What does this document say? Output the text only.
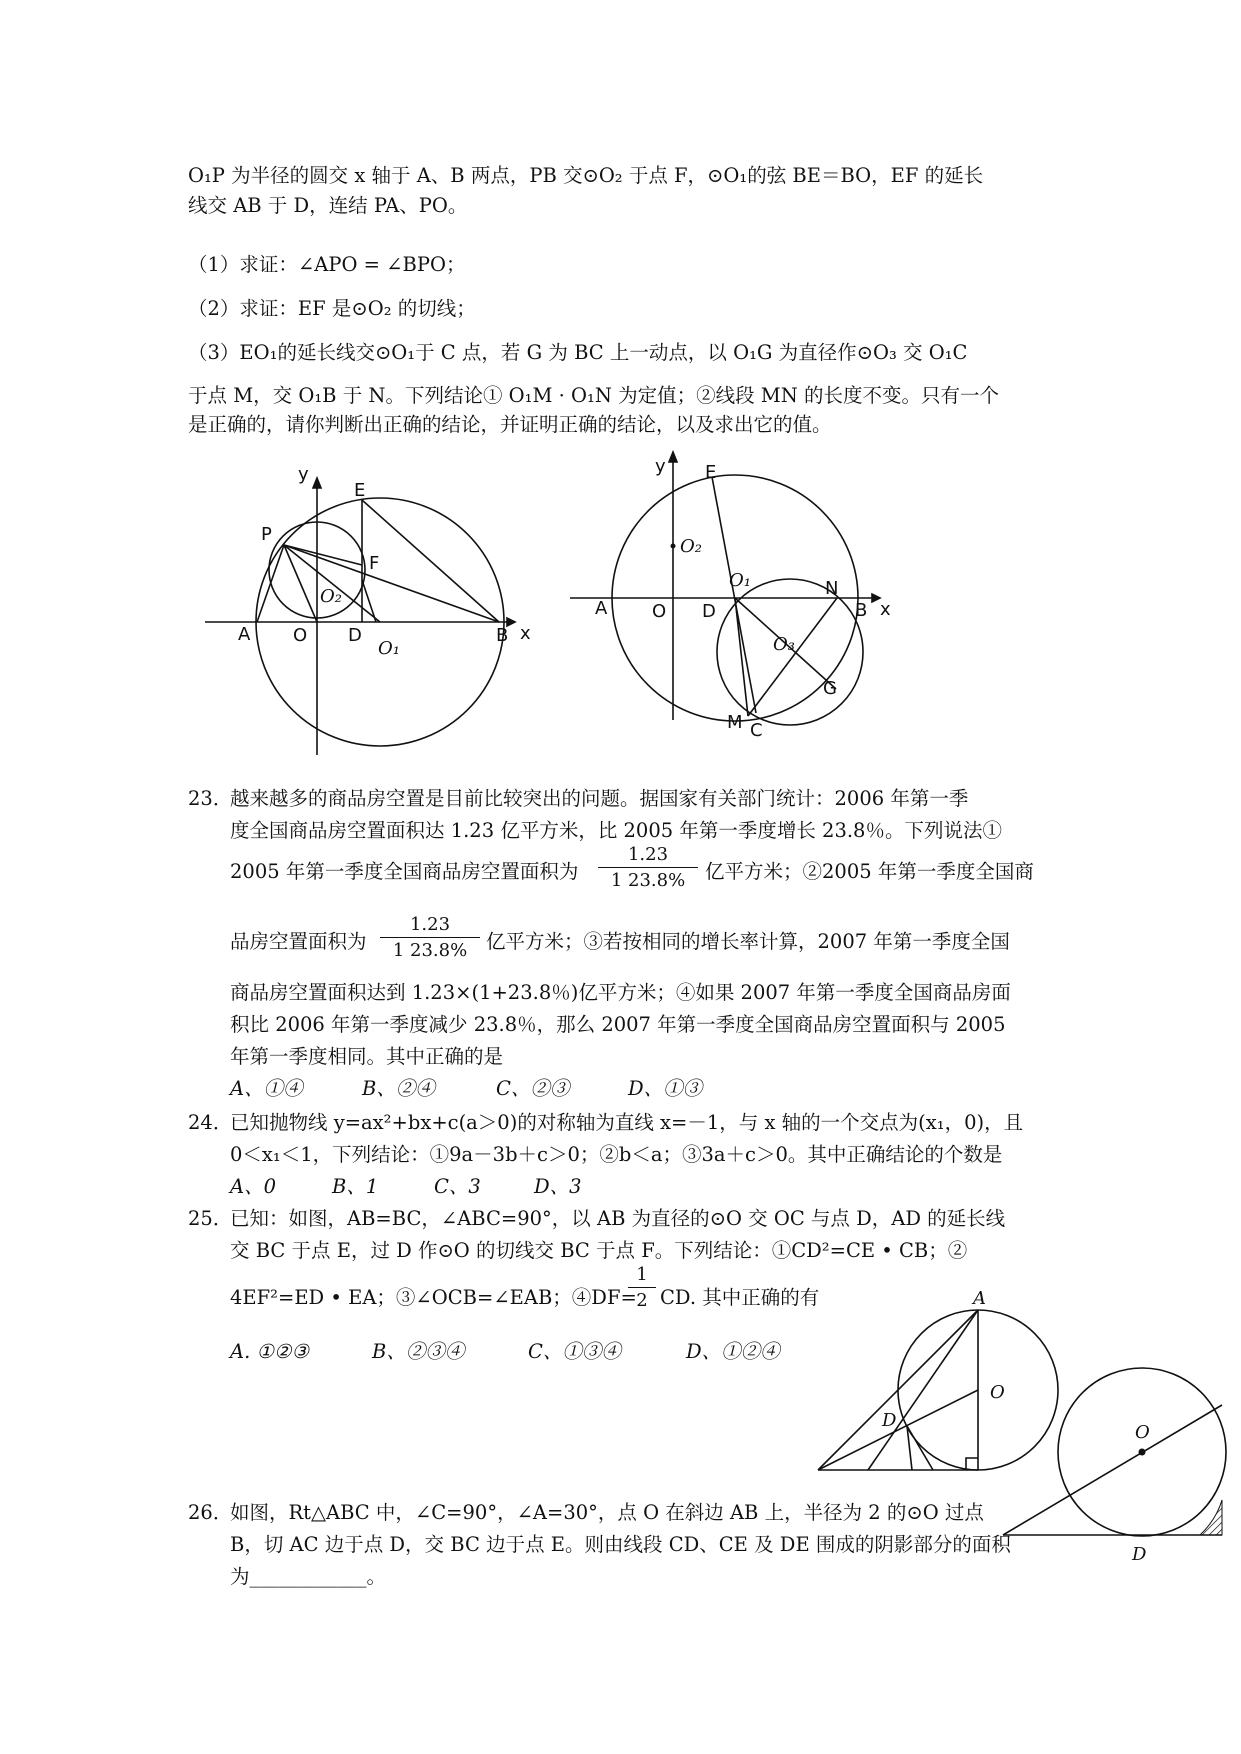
O₁P 为半径的圆交 x 轴于 A、B 两点，PB 交⊙O₂ 于点 F，⊙O₁的弦 BE＝BO，EF 的延长
线交 AB 于 D，连结 PA、PO。
（1）求证：∠APO = ∠BPO；
（2）求证：EF 是⊙O₂ 的切线；
（3）EO₁的延长线交⊙O₁于 C 点，若 G 为 BC 上一动点，以 O₁G 为直径作⊙O₃ 交 O₁C
于点 M，交 O₁B 于 N。下列结论① O₁M · O₁N 为定值；②线段 MN 的长度不变。只有一个
是正确的，请你判断出正确的结论，并证明正确的结论，以及求出它的值。
y
E
P
F
O₂
A O D
O₁
B x
y E
O₂
O₁	N
A O D	B x
O₃
M
G
C
A
O
D
O
D
23．
越来越多的商品房空置是目前比较突出的问题。据国家有关部门统计：2006 年第一季
度全国商品房空置面积达 1.23 亿平方米，比 2005 年第一季度增长 23.8％。下列说法①
2005 年第一季度全国商品房空置面积为 $\frac{1.23}{1 23.8\%}$ 亿平方米；②2005 年第一季度全国商
品房空置面积为 $\frac{1.23}{1 23.8\%}$ 亿平方米；③若按相同的增长率计算，2007 年第一季度全国
商品房空置面积达到 1.23×(1+23.8％)亿平方米；④如果 2007 年第一季度全国商品房面
积比 2006 年第一季度减少 23.8％，那么 2007 年第一季度全国商品房空置面积与 2005
年第一季度相同。其中正确的是
A、①④	B、②④	C、②③	D、①③
24．
已知抛物线 y=ax²+bx+c(a＞0)的对称轴为直线 x=－1，与 x 轴的一个交点为(x₁，0)，且
0＜x₁＜1，下列结论：①9a－3b＋c＞0；②b＜a；③3a＋c＞0。其中正确结论的个数是
A、0	B、1	C、3	D、3
25．
已知：如图，AB=BC，∠ABC=90°，以 AB 为直径的⊙O 交 OC 与点 D，AD 的延长线
交 BC 于点 E，过 D 作⊙O 的切线交 BC 于点 F。下列结论：①CD²=CE • CB；②
4EF²=ED • EA；③∠OCB=∠EAB；④DF=
$\frac{1}{2}$ CD. 其中正确的有
A. ①②③	B、②③④	C、①③④	D、①②④
26．
如图，Rt△ABC 中，∠C=90°，∠A=30°，点 O 在斜边 AB 上，半径为 2 的⊙O 过点
B，切 AC 边于点 D，交 BC 边于点 E。则由线段 CD、CE 及 DE 围成的阴影部分的面积
为____________。
